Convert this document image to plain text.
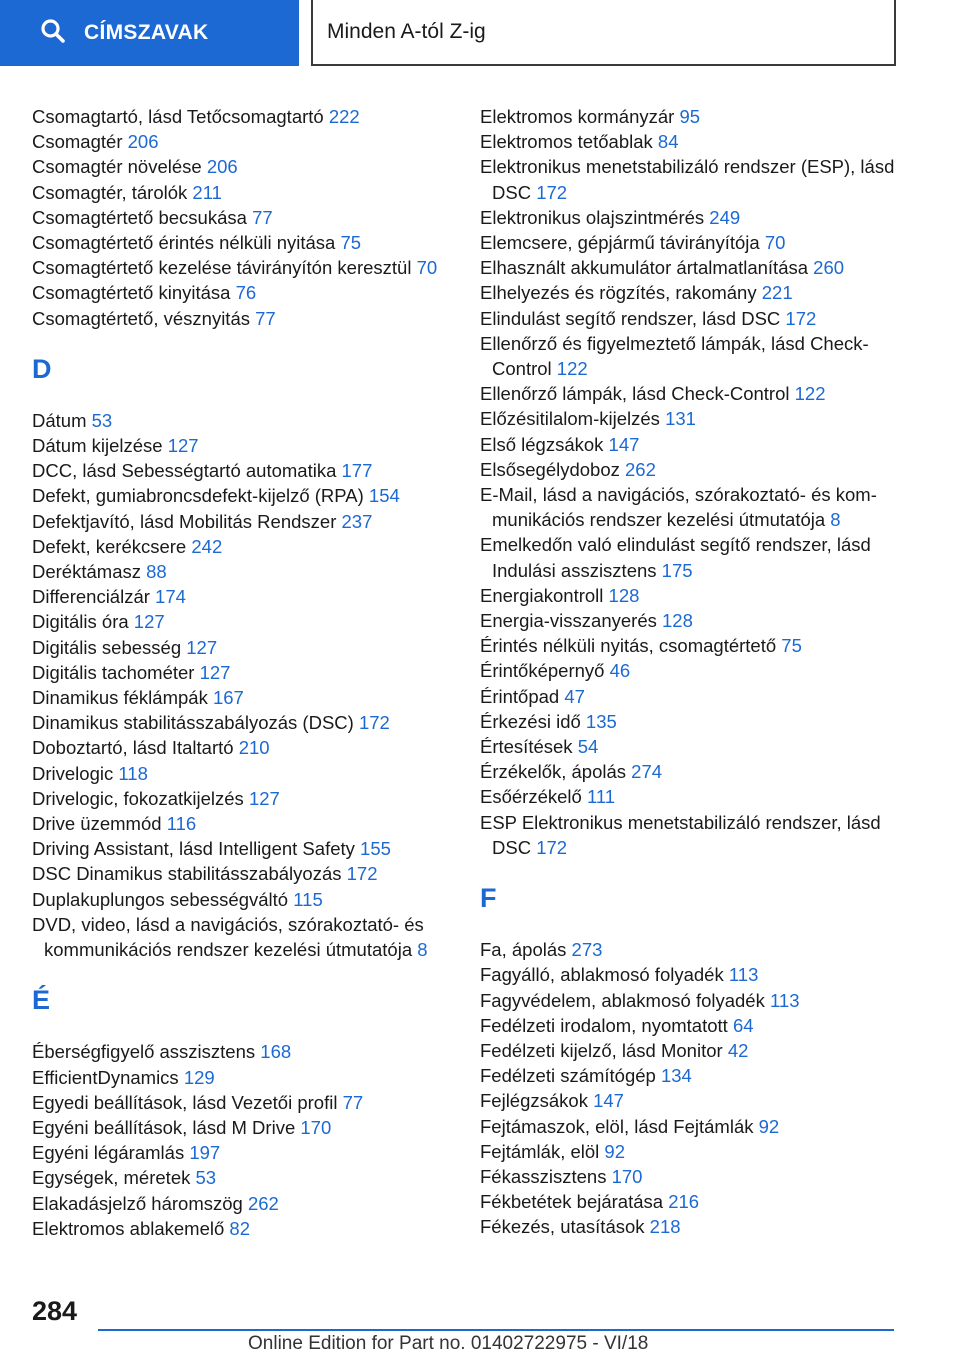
CÍMSZAVAK	Minden A-tól Z-ig
Csomagtartó, lásd Tetőcsomagtartó 222
Csomagtér 206
Csomagtér növelése 206
Csomagtér, tárolók 211
Csomagtértető becsukása 77
Csomagtértető érintés nélküli nyitása 75
Csomagtértető kezelése távirányítón keresztül 70
Csomagtértető kinyitása 76
Csomagtértető, vésznyitás 77
D
Dátum 53
Dátum kijelzése 127
DCC, lásd Sebességtartó automatika 177
Defekt, gumiabroncsdefekt-kijelző (RPA) 154
Defektjavító, lásd Mobilitás Rendszer 237
Defekt, kerékcsere 242
Deréktámasz 88
Differenciálzár 174
Digitális óra 127
Digitális sebesség 127
Digitális tachométer 127
Dinamikus féklámpák 167
Dinamikus stabilitásszabályozás (DSC) 172
Doboztartó, lásd Italtartó 210
Drivelogic 118
Drivelogic, fokozatkijelzés 127
Drive üzemmód 116
Driving Assistant, lásd Intelligent Safety 155
DSC Dinamikus stabilitásszabályozás 172
Duplakuplungos sebességváltó 115
DVD, video, lásd a navigációs, szórakoztató- és kommunikációs rendszer kezelési útmutatója 8
É
Éberségfigyelő asszisztens 168
EfficientDynamics 129
Egyedi beállítások, lásd Vezetői profil 77
Egyéni beállítások, lásd M Drive 170
Egyéni légáramlás 197
Egységek, méretek 53
Elakadásjelző háromszög 262
Elektromos ablakemelő 82
Elektromos kormányzár 95
Elektromos tetőablak 84
Elektronikus menetstabilizáló rendszer (ESP), lásd DSC 172
Elektronikus olajszintmérés 249
Elemcsere, gépjármű távirányítója 70
Elhasznált akkumulátor ártalmatlanítása 260
Elhelyezés és rögzítés, rakomány 221
Elindulást segítő rendszer, lásd DSC 172
Ellenőrző és figyelmeztető lámpák, lásd Check-Control 122
Ellenőrző lámpák, lásd Check-Control 122
Előzésitilalom-kijelzés 131
Első légzsákok 147
Elsősegélydoboz 262
E-Mail, lásd a navigációs, szórakoztató- és kommunikációs rendszer kezelési útmutatója 8
Emelkedőn való elindulást segítő rendszer, lásd Indulási asszisztens 175
Energiakontroll 128
Energia-visszanyerés 128
Érintés nélküli nyitás, csomagtértető 75
Érintőképernyő 46
Érintőpad 47
Érkezési idő 135
Értesítések 54
Érzékelők, ápolás 274
Esőérzékelő 111
ESP Elektronikus menetstabilizáló rendszer, lásd DSC 172
F
Fa, ápolás 273
Fagyálló, ablakmosó folyadék 113
Fagyvédelem, ablakmosó folyadék 113
Fedélzeti irodalom, nyomtatott 64
Fedélzeti kijelző, lásd Monitor 42
Fedélzeti számítógép 134
Fejlégzsákok 147
Fejtámaszok, elöl, lásd Fejtámlák 92
Fejtámlák, elöl 92
Fékasszisztens 170
Fékbetétek bejáratása 216
Fékezés, utasítások 218
284
Online Edition for Part no. 01402722975 - VI/18
